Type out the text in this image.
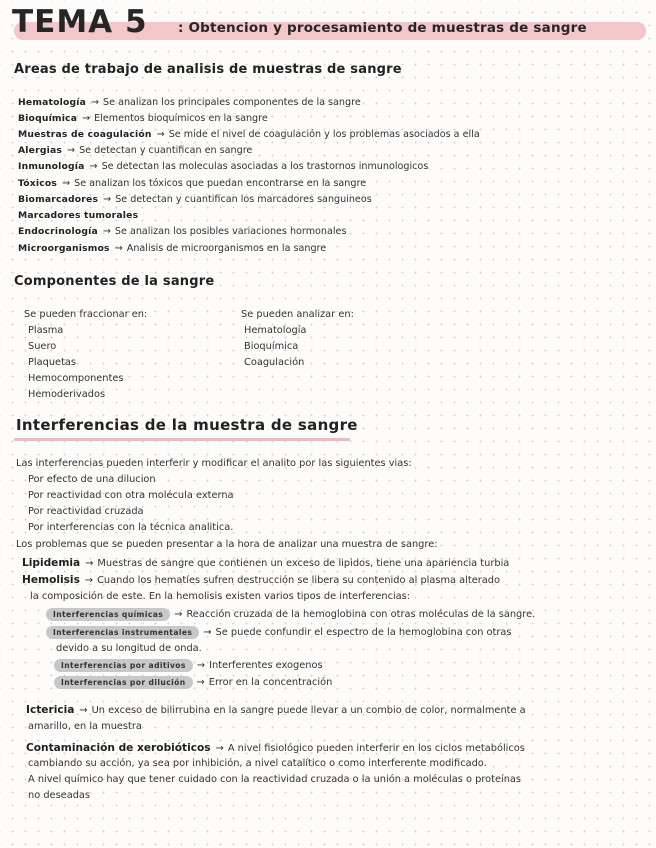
TEMA 5 : Obtencion y procesamiento de muestras de sangre
Areas de trabajo de analisis de muestras de sangre
Hematología → Se analizan los principales componentes de la sangre
Bioquímica → Elementos bioquímicos en la sangre
Muestras de coagulación → Se mide el nivel de coagulación y los problemas asociados a ella
Alergias → Se detectan y cuantifican en sangre
Inmunología → Se detectan las moleculas asociadas a los trastornos inmunologicos
Tóxicos → Se analizan los tóxicos que puedan encontrarse en la sangre
Biomarcadores → Se detectan y cuantifican los marcadores sanguineos
Marcadores tumorales
Endocrinología → Se analizan los posibles variaciones hormonales
Microorganismos → Analisis de microorganismos en la sangre
Componentes de la sangre
Se pueden fraccionar en:
Plasma
Suero
Plaquetas
Hemocomponentes
Hemoderivados
Se pueden analizar en:
Hematología
Bioquímica
Coagulación
Interferencias de la muestra de sangre
Las interferencias pueden interferir y modificar el analito por las siguientes vias:
Por efecto de una dilucion
Por reactividad con otra molécula externa
Por reactividad cruzada
Por interferencias con la técnica analitica.
Los problemas que se pueden presentar a la hora de analizar una muestra de sangre:
Lipidemia → Muestras de sangre que contienen un exceso de lipidos, tiene una apariencia turbia
Hemolisis → Cuando los hematíes sufren destrucción se libera su contenido al plasma alterado
la composición de este. En la hemolisis existen varios tipos de interferencias:
Interferencias químicas → Reacción cruzada de la hemoglobina con otras moléculas de la sangre.
Interferencias instrumentales → Se puede confundir el espectro de la hemoglobina con otras
devido a su longitud de onda.
Interferencias por aditivos → Interferentes exogenos
Interferencias por dilución → Error en la concentración
Ictericia → Un exceso de bilirrubina en la sangre puede llevar a un combio de color, normalmente a
amarillo, en la muestra
Contaminación de xerobióticos → A nivel fisiológico pueden interferir en los ciclos metabólicos
cambiando su acción, ya sea por inhibición, a nivel catalítico o como interferente modificado.
A nivel químico hay que tener cuidado con la reactividad cruzada o la unión a moléculas o proteínas
no deseadas
